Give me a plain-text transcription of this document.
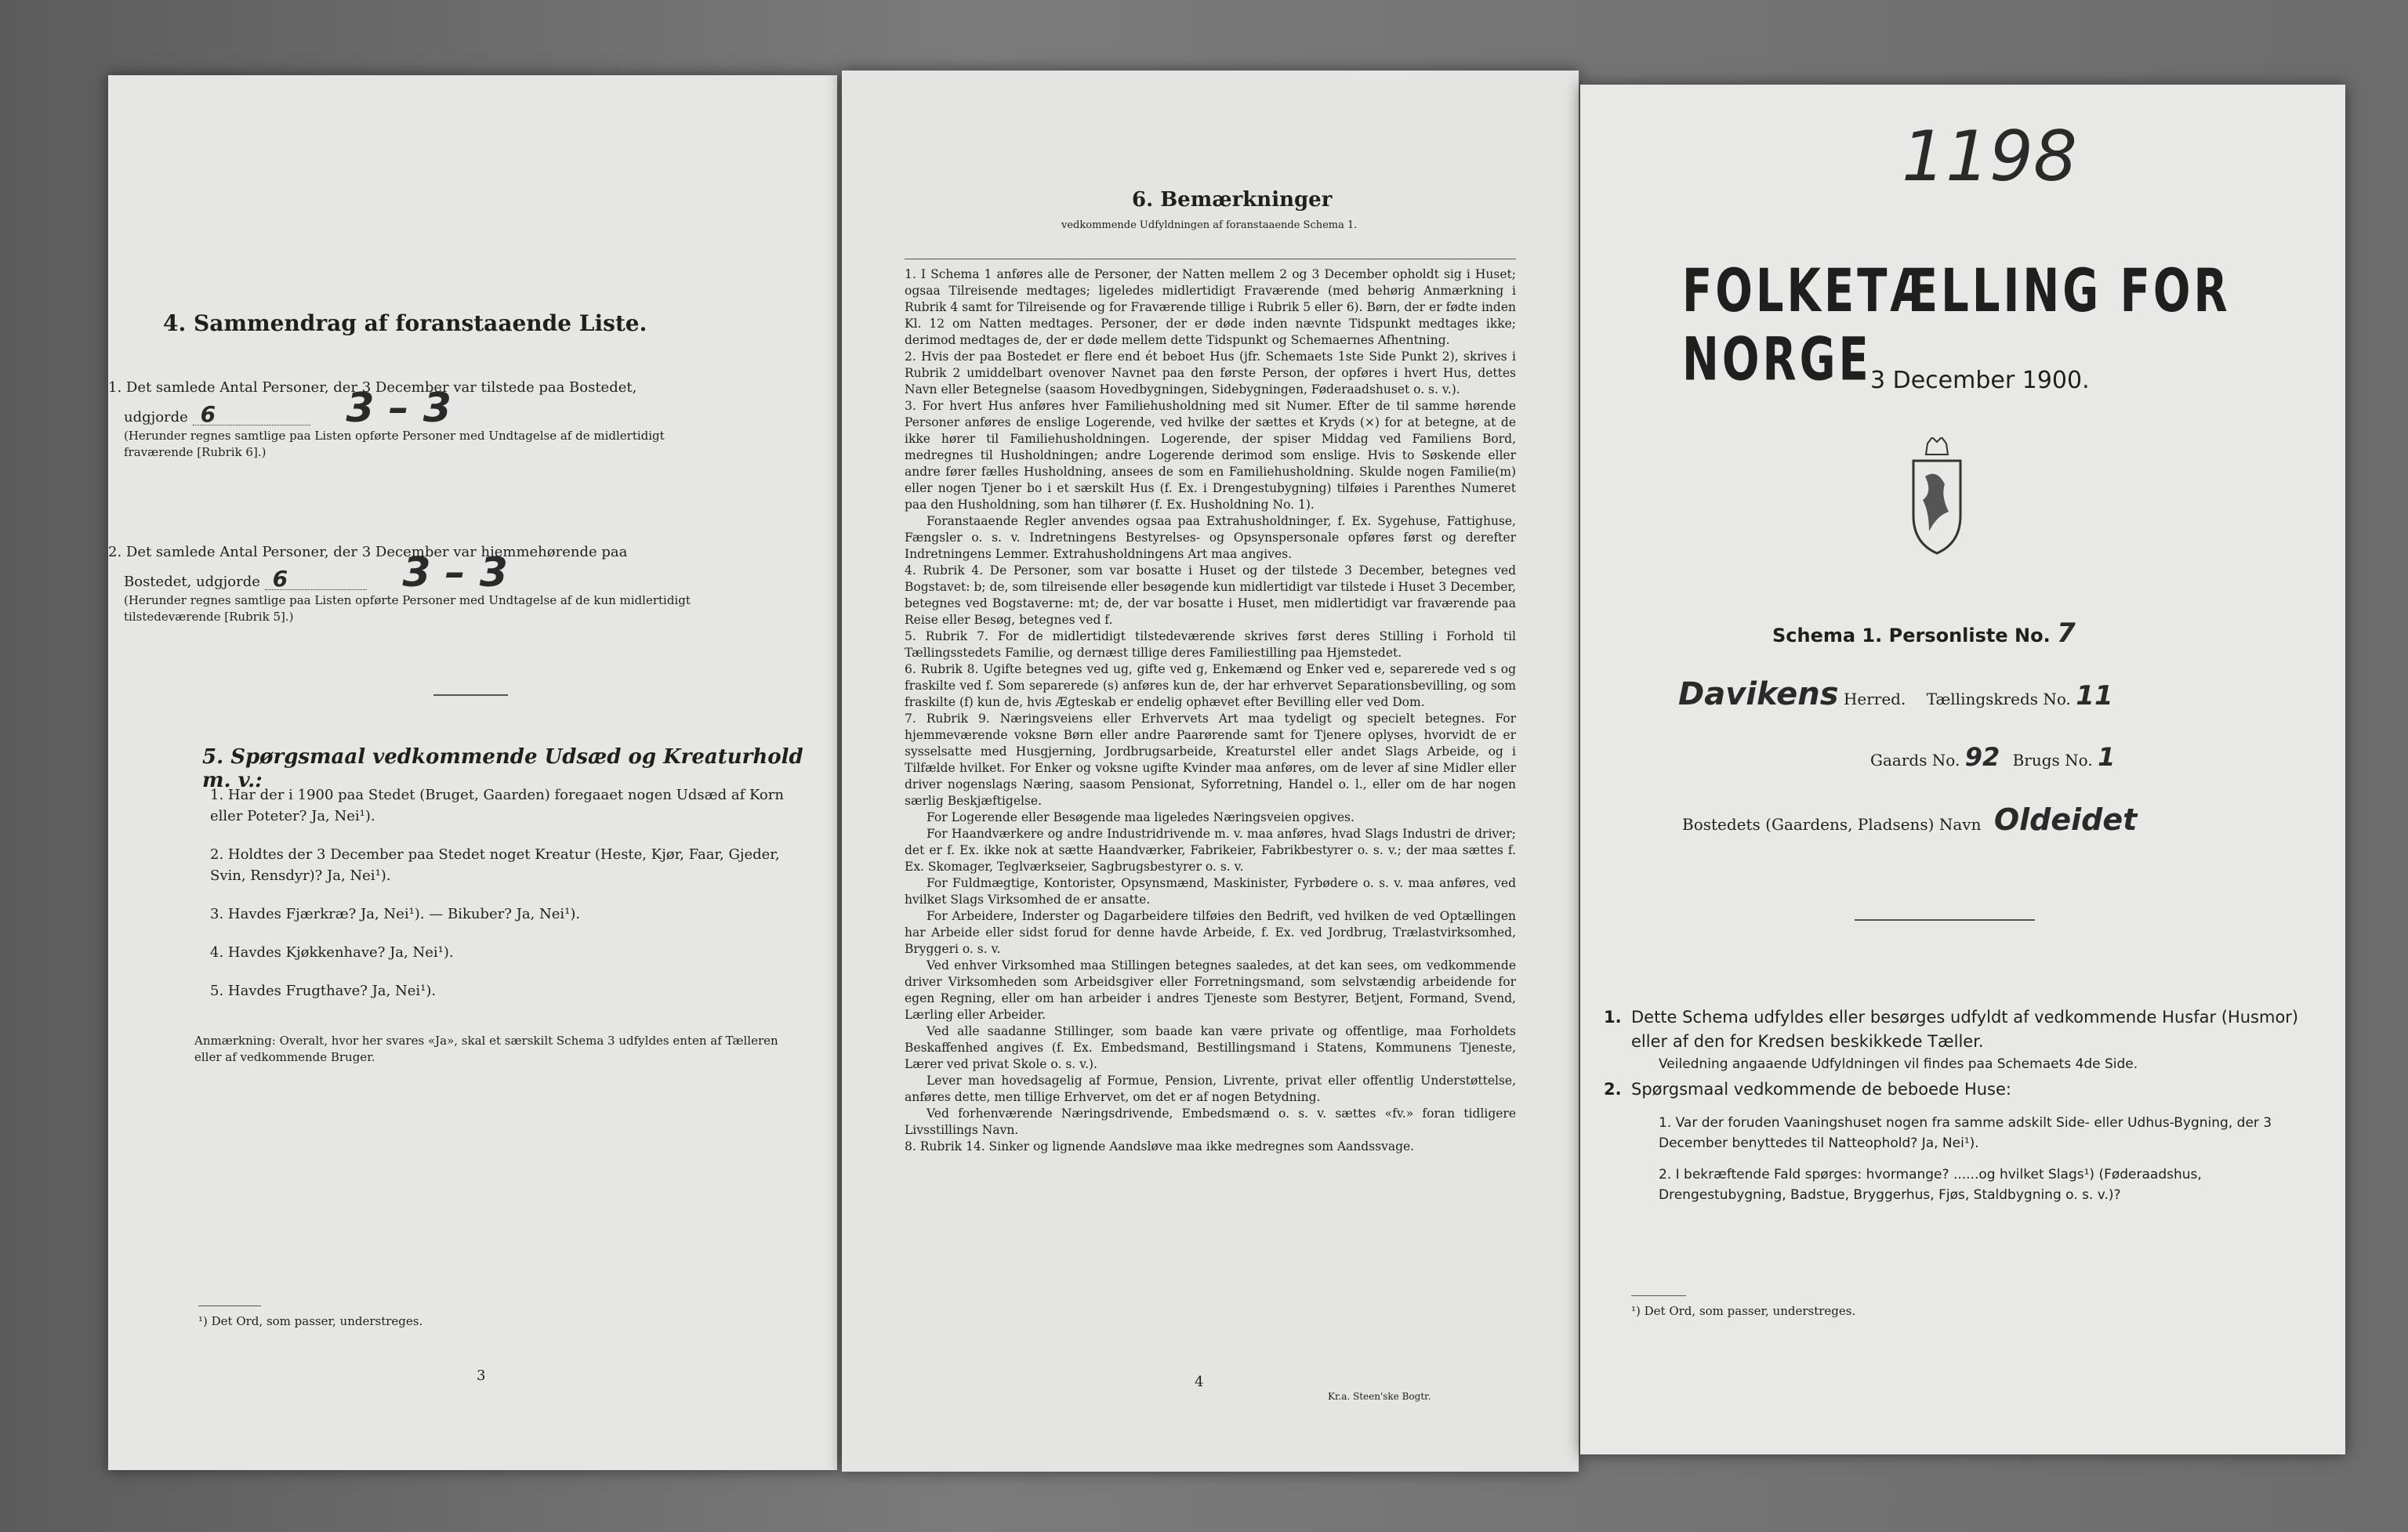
4. Sammendrag af foranstaaende Liste.
1. Det samlede Antal Personer, der 3 December var tilstede paa Bostedet,
udgjorde 6	3 – 3
(Herunder regnes samtlige paa Listen opførte Personer med Undtagelse af de midlertidigt fraværende [Rubrik 6].)
2. Det samlede Antal Personer, der 3 December var hjemmehørende paa
Bostedet, udgjorde 6	3 – 3
(Herunder regnes samtlige paa Listen opførte Personer med Undtagelse af de kun midlertidigt tilstedeværende [Rubrik 5].)
5. Spørgsmaal vedkommende Udsæd og Kreaturhold m. v.:
1. Har der i 1900 paa Stedet (Bruget, Gaarden) foregaaet nogen Udsæd af Korn eller Poteter? Ja, Nei¹).
2. Holdtes der 3 December paa Stedet noget Kreatur (Heste, Kjør, Faar, Gjeder, Svin, Rensdyr)? Ja, Nei¹).
3. Havdes Fjærkræ? Ja, Nei¹). — Bikuber? Ja, Nei¹).
4. Havdes Kjøkkenhave? Ja, Nei¹).
5. Havdes Frugthave? Ja, Nei¹).
Anmærkning: Overalt, hvor her svares «Ja», skal et særskilt Schema 3 udfyldes enten af Tælleren eller af vedkommende Bruger.
¹) Det Ord, som passer, understreges.
3
6. Bemærkninger
vedkommende Udfyldningen af foranstaaende Schema 1.

1. I Schema 1 anføres alle de Personer, der Natten mellem 2 og 3 December opholdt sig i Huset; ogsaa Tilreisende medtages; ligeledes midlertidigt Fraværende (med behørig Anmærkning i Rubrik 4 samt for Tilreisende og for Fraværende tillige i Rubrik 5 eller 6). Børn, der er fødte inden Kl. 12 om Natten medtages. Personer, der er døde inden nævnte Tidspunkt medtages ikke; derimod medtages de, der er døde mellem dette Tidspunkt og Schemaernes Afhentning.

2. Hvis der paa Bostedet er flere end ét beboet Hus (jfr. Schemaets 1ste Side Punkt 2), skrives i Rubrik 2 umiddelbart ovenover Navnet paa den første Person, der opføres i hvert Hus, dettes Navn eller Betegnelse (saasom Hovedbygningen, Sidebygningen, Føderaadshuset o. s. v.).

3. For hvert Hus anføres hver Familiehusholdning med sit Numer. Efter de til samme hørende Personer anføres de enslige Logerende, ved hvilke der sættes et Kryds (×) for at betegne, at de ikke hører til Familiehusholdningen. Logerende, der spiser Middag ved Familiens Bord, medregnes til Husholdningen; andre Logerende derimod som enslige. Hvis to Søskende eller andre fører fælles Husholdning, ansees de som en Familiehusholdning. Skulde nogen Familie(m) eller nogen Tjener bo i et særskilt Hus (f. Ex. i Drengestubygning) tilføies i Parenthes Numeret paa den Husholdning, som han tilhører (f. Ex. Husholdning No. 1).

Foranstaaende Regler anvendes ogsaa paa Extrahusholdninger, f. Ex. Sygehuse, Fattighuse, Fængsler o. s. v. Indretningens Bestyrelses- og Opsynspersonale opføres først og derefter Indretningens Lemmer. Extrahusholdningens Art maa angives.

4. Rubrik 4. De Personer, som var bosatte i Huset og der tilstede 3 December, betegnes ved Bogstavet: b; de, som tilreisende eller besøgende kun midlertidigt var tilstede i Huset 3 December, betegnes ved Bogstaverne: mt; de, der var bosatte i Huset, men midlertidigt var fraværende paa Reise eller Besøg, betegnes ved f.

5. Rubrik 7. For de midlertidigt tilstedeværende skrives først deres Stilling i Forhold til Tællingsstedets Familie, og dernæst tillige deres Familiestilling paa Hjemstedet.

6. Rubrik 8. Ugifte betegnes ved ug, gifte ved g, Enkemænd og Enker ved e, separerede ved s og fraskilte ved f. Som separerede (s) anføres kun de, der har erhvervet Separationsbevilling, og som fraskilte (f) kun de, hvis Ægteskab er endelig ophævet efter Bevilling eller ved Dom.

7. Rubrik 9. Næringsveiens eller Erhvervets Art maa tydeligt og specielt betegnes. For hjemmeværende voksne Børn eller andre Paarørende samt for Tjenere oplyses, hvorvidt de er sysselsatte med Husgjerning, Jordbrugsarbeide, Kreaturstel eller andet Slags Arbeide, og i Tilfælde hvilket. For Enker og voksne ugifte Kvinder maa anføres, om de lever af sine Midler eller driver nogenslags Næring, saasom Pensionat, Syforretning, Handel o. l., eller om de har nogen særlig Beskjæftigelse.

For Logerende eller Besøgende maa ligeledes Næringsveien opgives.

For Haandværkere og andre Industridrivende m. v. maa anføres, hvad Slags Industri de driver; det er f. Ex. ikke nok at sætte Haandværker, Fabrikeier, Fabrikbestyrer o. s. v.; der maa sættes f. Ex. Skomager, Teglværkseier, Sagbrugsbestyrer o. s. v.

For Fuldmægtige, Kontorister, Opsynsmænd, Maskinister, Fyrbødere o. s. v. maa anføres, ved hvilket Slags Virksomhed de er ansatte.

For Arbeidere, Inderster og Dagarbeidere tilføies den Bedrift, ved hvilken de ved Optællingen har Arbeide eller sidst forud for denne havde Arbeide, f. Ex. ved Jordbrug, Trælastvirksomhed, Bryggeri o. s. v.

Ved enhver Virksomhed maa Stillingen betegnes saaledes, at det kan sees, om vedkommende driver Virksomheden som Arbeidsgiver eller Forretningsmand, som selvstændig arbeidende for egen Regning, eller om han arbeider i andres Tjeneste som Bestyrer, Betjent, Formand, Svend, Lærling eller Arbeider.

Ved alle saadanne Stillinger, som baade kan være private og offentlige, maa Forholdets Beskaffenhed angives (f. Ex. Embedsmand, Bestillingsmand i Statens, Kommunens Tjeneste, Lærer ved privat Skole o. s. v.).

Lever man hovedsagelig af Formue, Pension, Livrente, privat eller offentlig Understøttelse, anføres dette, men tillige Erhvervet, om det er af nogen Betydning.

Ved forhenværende Næringsdrivende, Embedsmænd o. s. v. sættes «fv.» foran tidligere Livsstillings Navn.

8. Rubrik 14. Sinker og lignende Aandsløve maa ikke medregnes som Aandssvage.

4
Kr.a. Steen'ske Bogtr.
1198
FOLKETÆLLING FOR NORGE
3 December 1900.
Schema 1. Personliste No. 7
Davikens Herred. Tællingskreds No. 11
Gaards No. 92 Brugs No. 1
Bostedets (Gaardens, Pladsens) Navn Oldeidet
1. Dette Schema udfyldes eller besørges udfyldt af vedkommende Husfar (Husmor) eller af den for Kredsen beskikkede Tæller.
Veiledning angaaende Udfyldningen vil findes paa Schemaets 4de Side.
2. Spørgsmaal vedkommende de beboede Huse:
1. Var der foruden Vaaningshuset nogen fra samme adskilt Side- eller Udhus-Bygning, der 3 December benyttedes til Natteophold? Ja, Nei¹).
2. I bekræftende Fald spørges: hvormange? ......og hvilket Slags¹) (Føderaadshus, Drengestubygning, Badstue, Bryggerhus, Fjøs, Staldbygning o. s. v.)?
¹) Det Ord, som passer, understreges.
